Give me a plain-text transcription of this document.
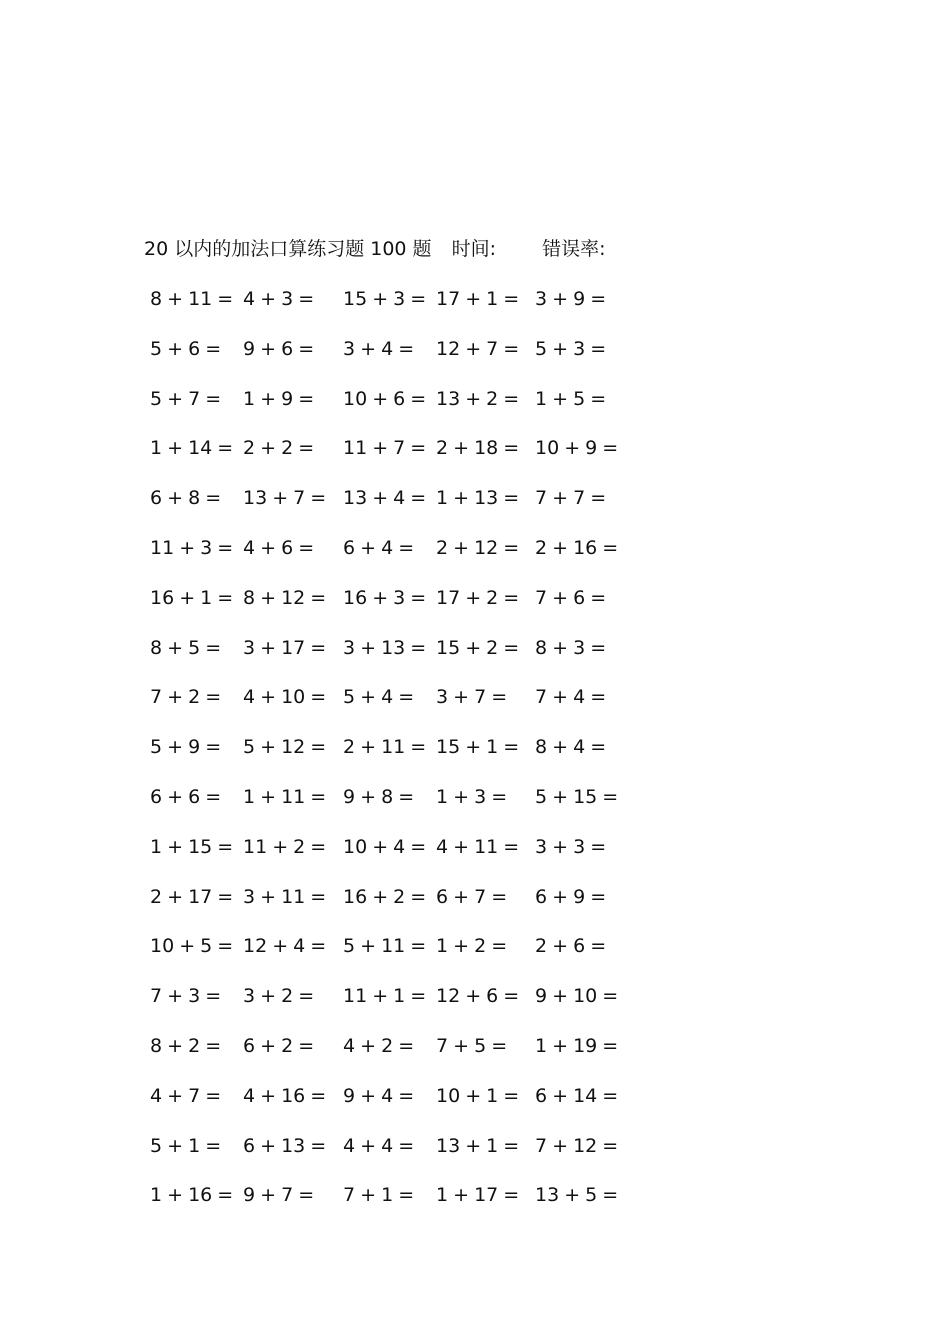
20 以内的加法口算练习题 100 题 时间: 错误率:
8 + 11 = 4 + 3 = 15 + 3 = 17 + 1 = 3 + 9 =
5 + 6 = 9 + 6 = 3 + 4 = 12 + 7 = 5 + 3 =
5 + 7 = 1 + 9 = 10 + 6 = 13 + 2 = 1 + 5 =
1 + 14 = 2 + 2 = 11 + 7 = 2 + 18 = 10 + 9 =
6 + 8 = 13 + 7 = 13 + 4 = 1 + 13 = 7 + 7 =
11 + 3 = 4 + 6 = 6 + 4 = 2 + 12 = 2 + 16 =
16 + 1 = 8 + 12 = 16 + 3 = 17 + 2 = 7 + 6 =
8 + 5 = 3 + 17 = 3 + 13 = 15 + 2 = 8 + 3 =
7 + 2 = 4 + 10 = 5 + 4 = 3 + 7 = 7 + 4 =
5 + 9 = 5 + 12 = 2 + 11 = 15 + 1 = 8 + 4 =
6 + 6 = 1 + 11 = 9 + 8 = 1 + 3 = 5 + 15 =
1 + 15 = 11 + 2 = 10 + 4 = 4 + 11 = 3 + 3 =
2 + 17 = 3 + 11 = 16 + 2 = 6 + 7 = 6 + 9 =
10 + 5 = 12 + 4 = 5 + 11 = 1 + 2 = 2 + 6 =
7 + 3 = 3 + 2 = 11 + 1 = 12 + 6 = 9 + 10 =
8 + 2 = 6 + 2 = 4 + 2 = 7 + 5 = 1 + 19 =
4 + 7 = 4 + 16 = 9 + 4 = 10 + 1 = 6 + 14 =
5 + 1 = 6 + 13 = 4 + 4 = 13 + 1 = 7 + 12 =
1 + 16 = 9 + 7 = 7 + 1 = 1 + 17 = 13 + 5 =
